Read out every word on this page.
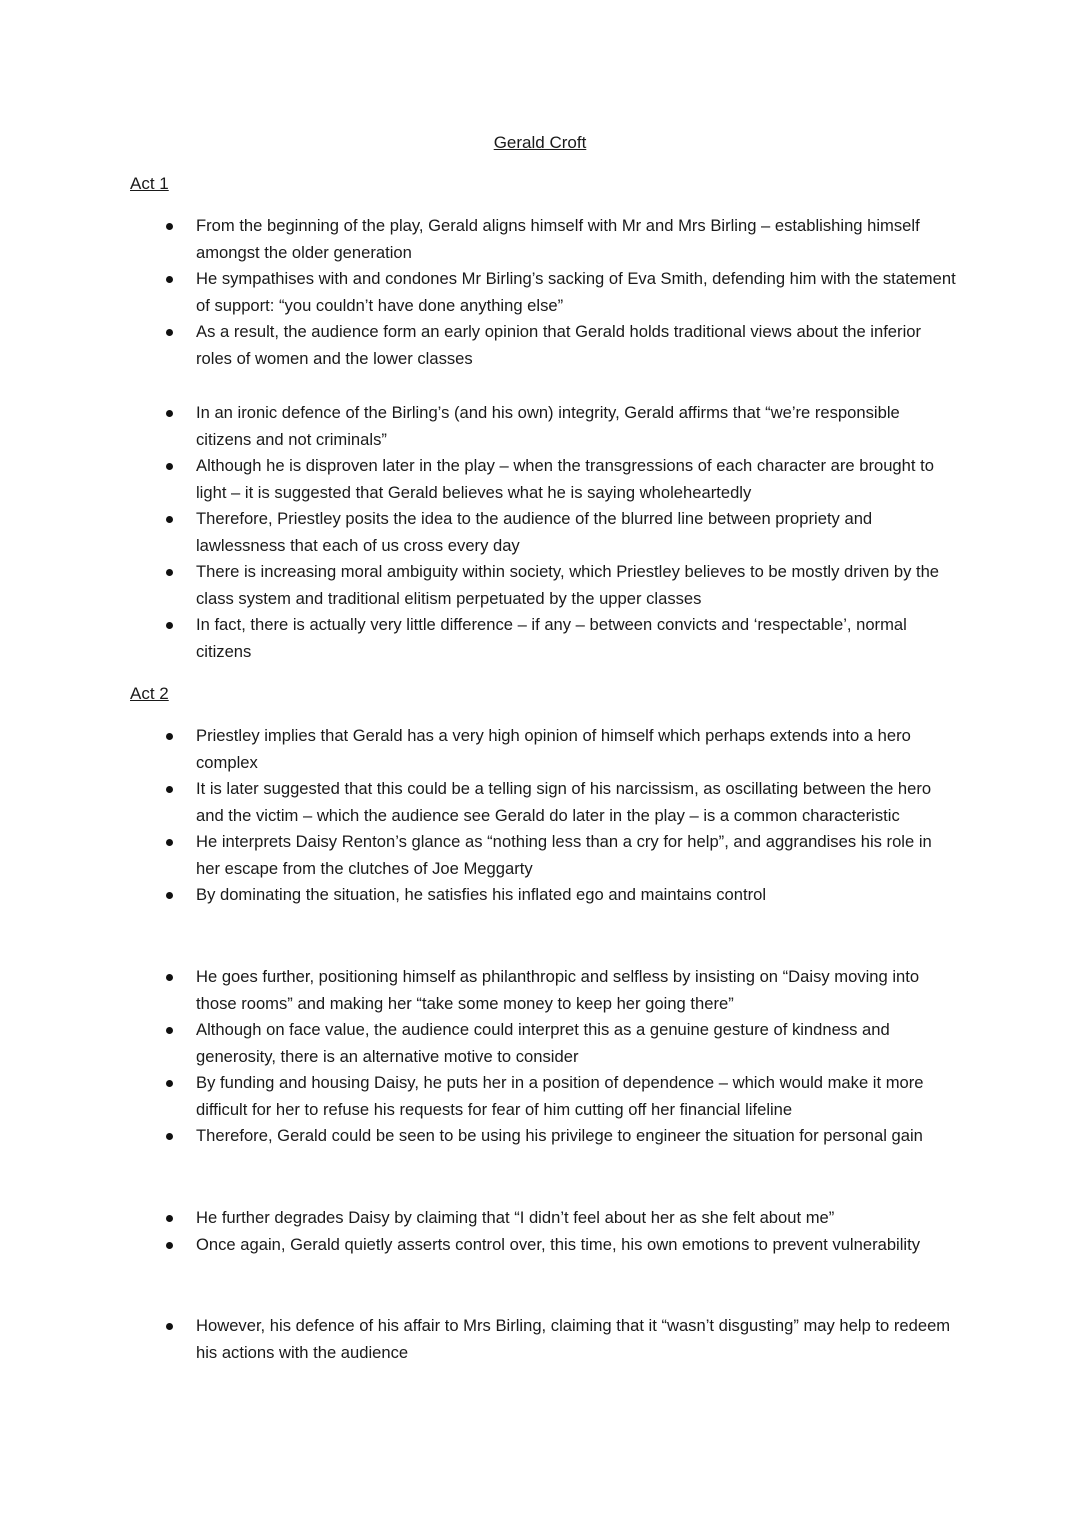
Gerald Croft
Act 1
From the beginning of the play, Gerald aligns himself with Mr and Mrs Birling – establishing himself amongst the older generation
He sympathises with and condones Mr Birling’s sacking of Eva Smith, defending him with the statement of support: “you couldn’t have done anything else”
As a result, the audience form an early opinion that Gerald holds traditional views about the inferior roles of women and the lower classes
In an ironic defence of the Birling’s (and his own) integrity, Gerald affirms that “we’re responsible citizens and not criminals”
Although he is disproven later in the play – when the transgressions of each character are brought to light – it is suggested that Gerald believes what he is saying wholeheartedly
Therefore, Priestley posits the idea to the audience of the blurred line between propriety and lawlessness that each of us cross every day
There is increasing moral ambiguity within society, which Priestley believes to be mostly driven by the class system and traditional elitism perpetuated by the upper classes
In fact, there is actually very little difference – if any – between convicts and ‘respectable’, normal citizens
Act 2
Priestley implies that Gerald has a very high opinion of himself which perhaps extends into a hero complex
It is later suggested that this could be a telling sign of his narcissism, as oscillating between the hero and the victim – which the audience see Gerald do later in the play – is a common characteristic
He interprets Daisy Renton’s glance as “nothing less than a cry for help”, and aggrandises his role in her escape from the clutches of Joe Meggarty
By dominating the situation, he satisfies his inflated ego and maintains control
He goes further, positioning himself as philanthropic and selfless by insisting on “Daisy moving into those rooms” and making her “take some money to keep her going there”
Although on face value, the audience could interpret this as a genuine gesture of kindness and generosity, there is an alternative motive to consider
By funding and housing Daisy, he puts her in a position of dependence – which would make it more difficult for her to refuse his requests for fear of him cutting off her financial lifeline
Therefore, Gerald could be seen to be using his privilege to engineer the situation for personal gain
He further degrades Daisy by claiming that “I didn’t feel about her as she felt about me”
Once again, Gerald quietly asserts control over, this time, his own emotions to prevent vulnerability
However, his defence of his affair to Mrs Birling, claiming that it “wasn’t disgusting” may help to redeem his actions with the audience
